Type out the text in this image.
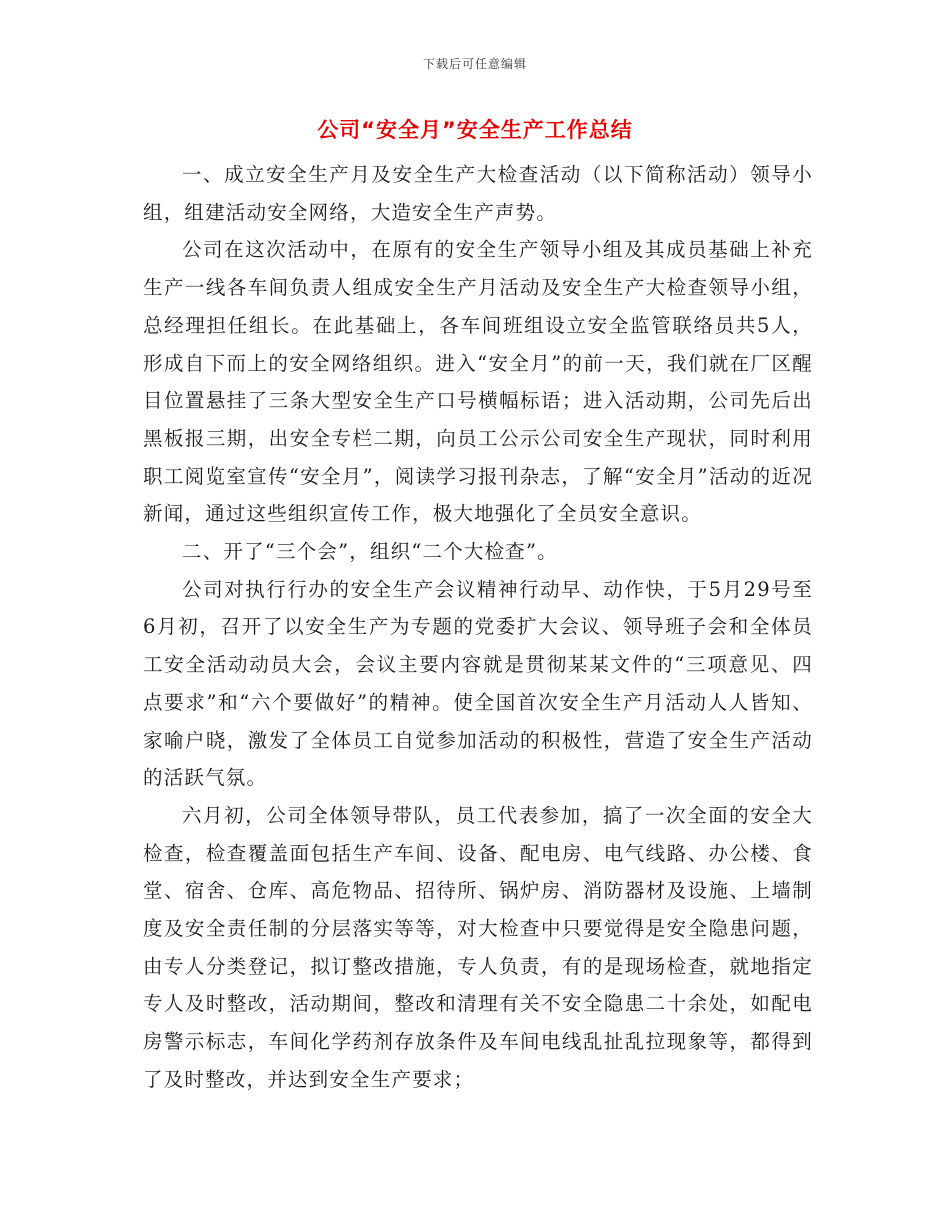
下载后可任意编辑
公司“安全月”安全生产工作总结

一、成立安全生产月及安全生产大检查活动（以下简称活动）领导小组，组建活动安全网络，大造安全生产声势。

公司在这次活动中，在原有的安全生产领导小组及其成员基础上补充生产一线各车间负责人组成安全生产月活动及安全生产大检查领导小组，总经理担任组长。在此基础上，各车间班组设立安全监管联络员共5人，形成自下而上的安全网络组织。进入“安全月”的前一天，我们就在厂区醒目位置悬挂了三条大型安全生产口号横幅标语；进入活动期，公司先后出黑板报三期，出安全专栏二期，向员工公示公司安全生产现状，同时利用职工阅览室宣传“安全月”，阅读学习报刊杂志，了解“安全月”活动的近况新闻，通过这些组织宣传工作，极大地强化了全员安全意识。

二、开了“三个会”，组织“二个大检查”。

公司对执行行办的安全生产会议精神行动早、动作快，于5月29号至6月初，召开了以安全生产为专题的党委扩大会议、领导班子会和全体员工安全活动动员大会，会议主要内容就是贯彻某某文件的“三项意见、四点要求”和“六个要做好”的精神。使全国首次安全生产月活动人人皆知、家喻户晓，激发了全体员工自觉参加活动的积极性，营造了安全生产活动的活跃气氛。

六月初，公司全体领导带队，员工代表参加，搞了一次全面的安全大检查，检查覆盖面包括生产车间、设备、配电房、电气线路、办公楼、食堂、宿舍、仓库、高危物品、招待所、锅炉房、消防器材及设施、上墙制度及安全责任制的分层落实等等，对大检查中只要觉得是安全隐患问题，由专人分类登记，拟订整改措施，专人负责，有的是现场检查，就地指定专人及时整改，活动期间，整改和清理有关不安全隐患二十余处，如配电房警示标志，车间化学药剂存放条件及车间电线乱扯乱拉现象等，都得到了及时整改，并达到安全生产要求；
